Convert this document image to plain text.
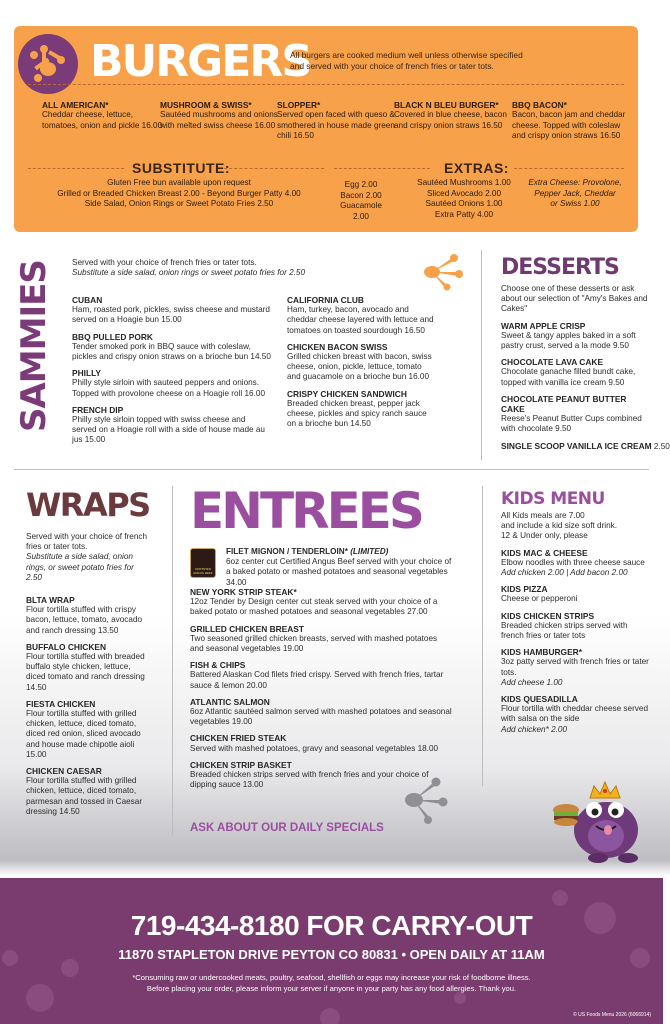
BURGERS
All burgers are cooked medium well unless otherwise specified and served with your choice of french fries or tater tots.
ALL AMERICAN*
Cheddar cheese, lettuce, tomatoes, onion and pickle 16.00
MUSHROOM & SWISS*
Sautéed mushrooms and onions with melted swiss cheese 16.00
SLOPPER*
Served open faced with queso & smothered in house made green chili 16.50
BLACK N BLEU BURGER*
Covered in blue cheese, bacon and crispy onion straws 16.50
BBQ BACON*
Bacon, bacon jam and cheddar cheese. Topped with coleslaw and crispy onion straws 16.50
SUBSTITUTE:
Gluten Free bun available upon request
Grilled or Breaded Chicken Breast 2.00 - Beyond Burger Patty 4.00
Side Salad, Onion Rings or Sweet Potato Fries 2.50
EXTRAS:
Egg 2.00
Bacon 2.00
Guacamole 2.00
Sautéed Mushrooms 1.00
Sliced Avocado 2.00
Sautéed Onions 1.00
Extra Patty 4.00
Extra Cheese: Provolone,
Pepper Jack, Cheddar
or Swiss 1.00
SAMMIES Served with your choice of french fries or tater tots.
Substitute a side salad, onion rings or sweet potato fries for 2.50
CUBAN
Ham, roasted pork, pickles, swiss cheese and mustard served on a Hoagie bun 15.00
BBQ PULLED PORK
Tender smoked pork in BBQ sauce with coleslaw, pickles and crispy onion straws on a brioche bun 14.50
PHILLY
Philly style sirloin with sauteed peppers and onions. Topped with provolone cheese on a Hoagie roll 16.00
FRENCH DIP
Philly style sirloin topped with swiss cheese and served on a Hoagie roll with a side of house made au jus 15.00
CALIFORNIA CLUB
Ham, turkey, bacon, avocado and cheddar cheese layered with lettuce and tomatoes on toasted sourdough 16.50
CHICKEN BACON SWISS
Grilled chicken breast with bacon, swiss cheese, onion, pickle, lettuce, tomato and guacamole on a brioche bun 16.00
CRISPY CHICKEN SANDWICH
Breaded chicken breast, pepper jack cheese, pickles and spicy ranch sauce on a brioche bun 14.50
DESSERTS
Choose one of these desserts or ask about our selection of "Amy's Bakes and Cakes"
WARM APPLE CRISP
Sweet & tangy apples baked in a soft pastry crust, served a la mode 9.50
CHOCOLATE LAVA CAKE
Chocolate ganache filled bundt cake, topped with vanilla ice cream 9.50
CHOCOLATE PEANUT BUTTER CAKE
Reese's Peanut Butter Cups combined with chocolate 9.50
SINGLE SCOOP VANILLA ICE CREAM 2.50
WRAPS
Served with your choice of french fries or tater tots.
Substitute a side salad, onion rings, or sweet potato fries for 2.50
BLTA WRAP
Flour tortilla stuffed with crispy bacon, lettuce, tomato, avocado and ranch dressing 13.50
BUFFALO CHICKEN
Flour tortilla stuffed with breaded buffalo style chicken, lettuce, diced tomato and ranch dressing 14.50
FIESTA CHICKEN
Flour tortilla stuffed with grilled chicken, lettuce, diced tomato, diced red onion, sliced avocado and house made chipotle aioli 15.00
CHICKEN CAESAR
Flour tortilla stuffed with grilled chicken, lettuce, diced tomato, parmesan and tossed in Caesar dressing 14.50
ENTREES
CERTIFIED ANGUS BEEF
FILET MIGNON / TENDERLOIN* (LIMITED)
6oz center cut Certified Angus Beef served with your choice of a baked potato or mashed potatoes and seasonal vegetables 34.00
NEW YORK STRIP STEAK*
12oz Tender by Design center cut steak served with your choice of a baked potato or mashed potatoes and seasonal vegetables 27.00
GRILLED CHICKEN BREAST
Two seasoned grilled chicken breasts, served with mashed potatoes and seasonal vegetables 19.00
FISH & CHIPS
Battered Alaskan Cod filets fried crispy. Served with french fries, tartar sauce & lemon 20.00
ATLANTIC SALMON
6oz Atlantic sautéed salmon served with mashed potatoes and seasonal vegetables 19.00
CHICKEN FRIED STEAK
Served with mashed potatoes, gravy and seasonal vegetables 18.00
CHICKEN STRIP BASKET
Breaded chicken strips served with french fries and your choice of dipping sauce 13.00
ASK ABOUT OUR DAILY SPECIALS
KIDS MENU
All Kids meals are 7.00
and include a kid size soft drink.
12 & Under only, please
KIDS MAC & CHEESE
Elbow noodles with three cheese sauce
Add chicken 2.00 | Add bacon 2.00
KIDS PIZZA
Cheese or pepperoni
KIDS CHICKEN STRIPS
Breaded chicken strips served with french fries or tater tots
KIDS HAMBURGER*
3oz patty served with french fries or tater tots.
Add cheese 1.00
KIDS QUESADILLA
Flour tortilla with cheddar cheese served with salsa on the side
Add chicken* 2.00
719-434-8180 FOR CARRY-OUT
11870 STAPLETON DRIVE PEYTON CO 80831 • OPEN DAILY AT 11AM
*Consuming raw or undercooked meats, poultry, seafood, shellfish or eggs may increase your risk of foodborne illness.
Before placing your order, please inform your server if anyone in your party has any food allergies. Thank you.
© US Foods Menu 2026 (6066914)
